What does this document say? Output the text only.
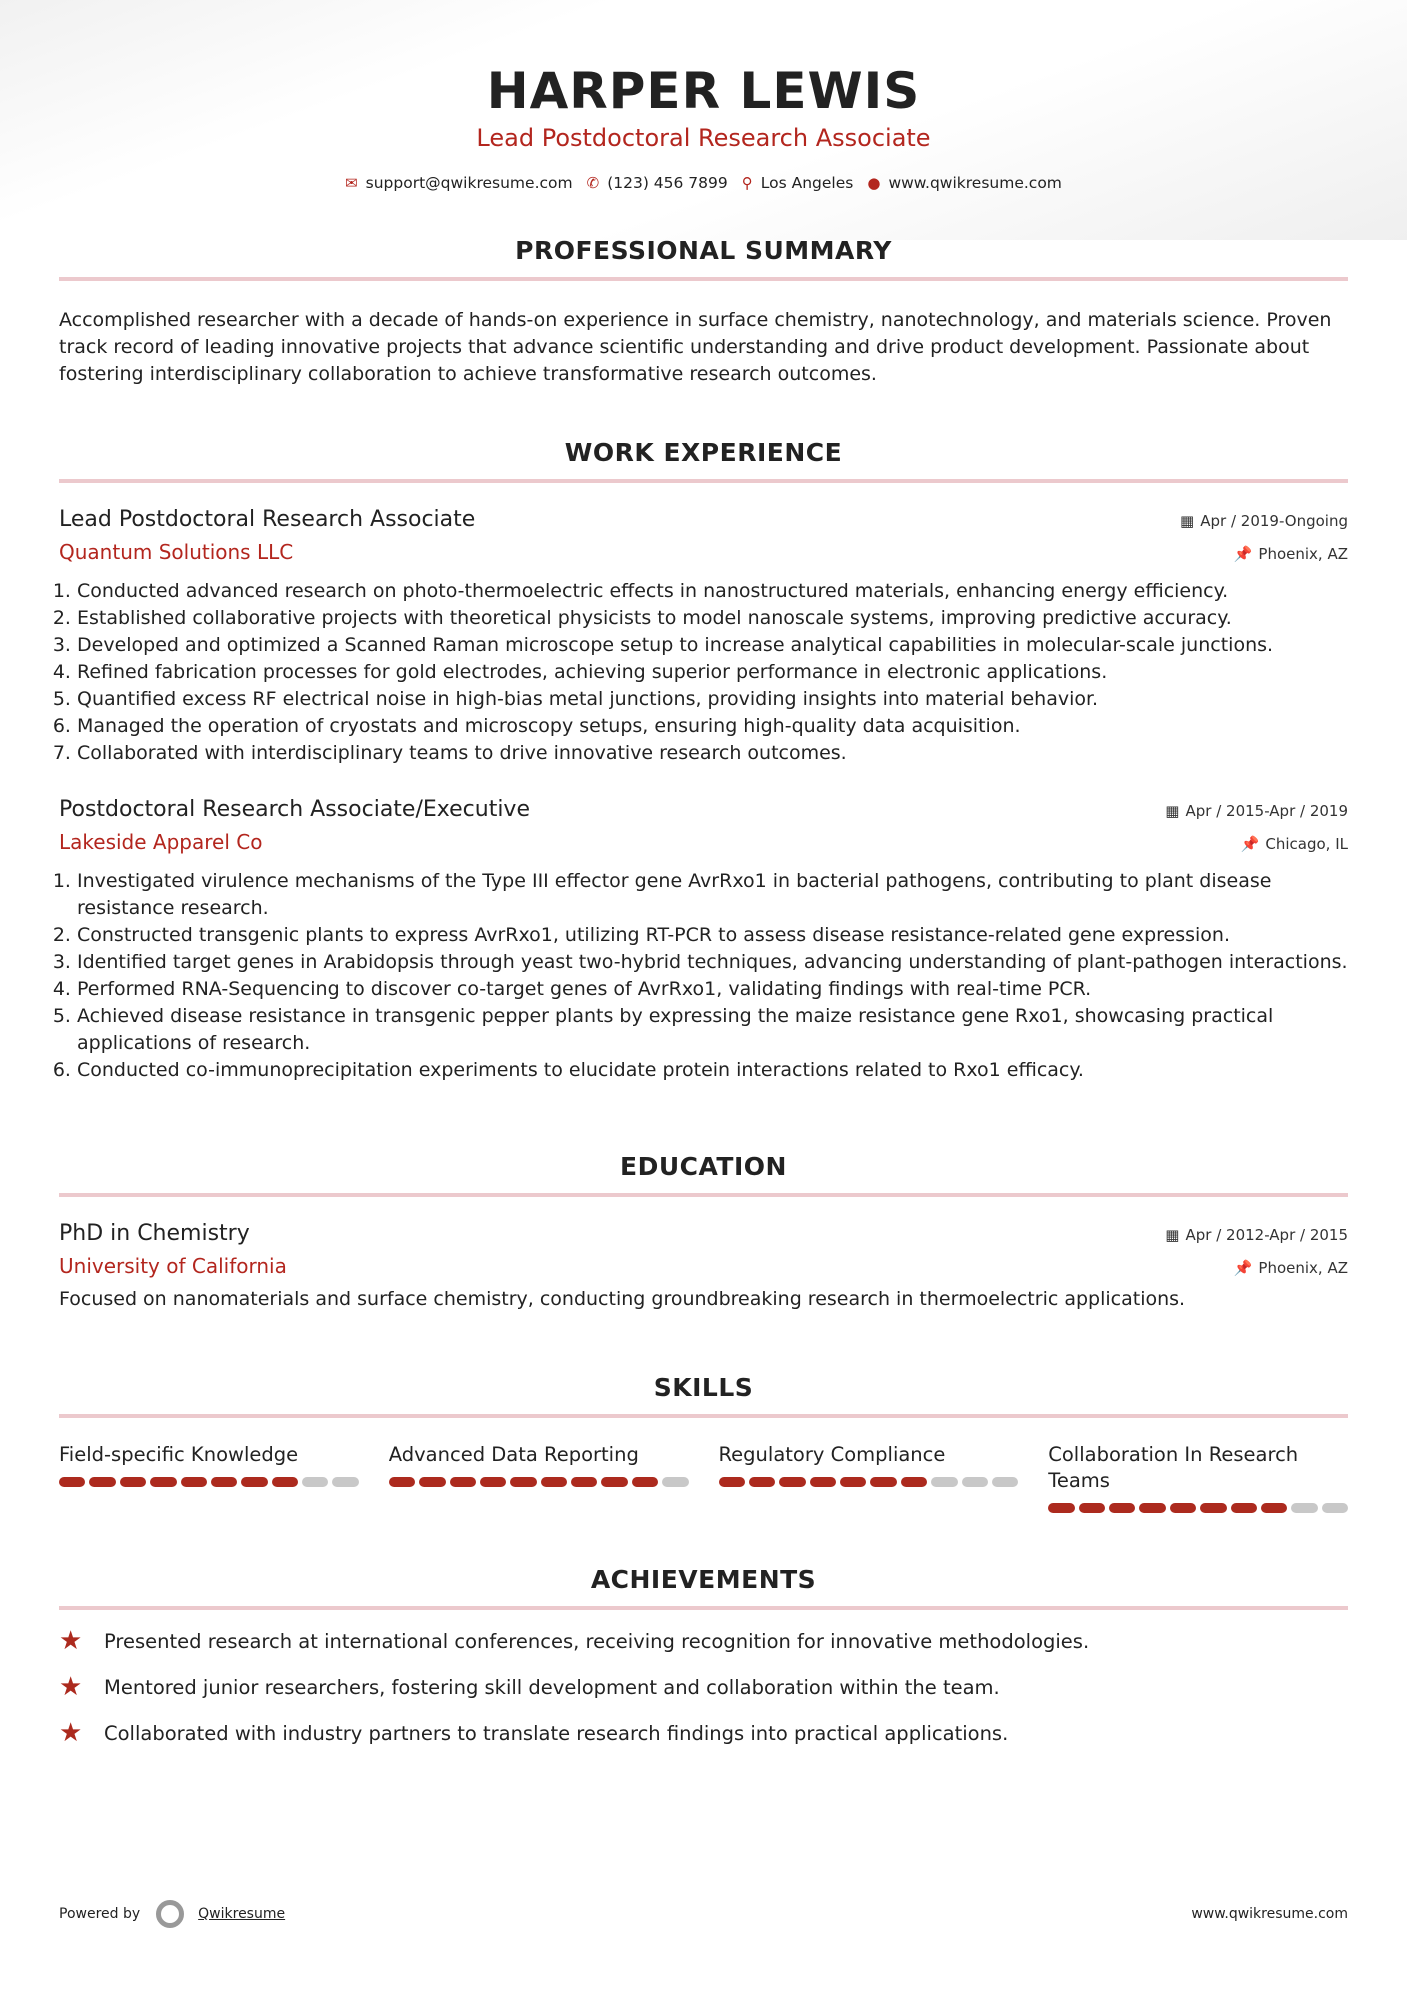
HARPER LEWIS
Lead Postdoctoral Research Associate
✉ support@qwikresume.com ✆ (123) 456 7899 ⚲ Los Angeles ● www.qwikresume.com
PROFESSIONAL SUMMARY

Accomplished researcher with a decade of hands-on experience in surface chemistry, nanotechnology, and materials science. Proven track record of leading innovative projects that advance scientific understanding and drive product development. Passionate about fostering interdisciplinary collaboration to achieve transformative research outcomes.

WORK EXPERIENCE
Lead Postdoctoral Research Associate	▦ Apr / 2019-Ongoing
Quantum Solutions LLC	📌 Phoenix, AZ
1. Conducted advanced research on photo-thermoelectric effects in nanostructured materials, enhancing energy efficiency.
2. Established collaborative projects with theoretical physicists to model nanoscale systems, improving predictive accuracy.
3. Developed and optimized a Scanned Raman microscope setup to increase analytical capabilities in molecular-scale junctions.
4. Refined fabrication processes for gold electrodes, achieving superior performance in electronic applications.
5. Quantified excess RF electrical noise in high-bias metal junctions, providing insights into material behavior.
6. Managed the operation of cryostats and microscopy setups, ensuring high-quality data acquisition.
7. Collaborated with interdisciplinary teams to drive innovative research outcomes.
Postdoctoral Research Associate/Executive	▦ Apr / 2015-Apr / 2019
Lakeside Apparel Co	📌 Chicago, IL
1. Investigated virulence mechanisms of the Type III effector gene AvrRxo1 in bacterial pathogens, contributing to plant disease resistance research.
2. Constructed transgenic plants to express AvrRxo1, utilizing RT-PCR to assess disease resistance-related gene expression.
3. Identified target genes in Arabidopsis through yeast two-hybrid techniques, advancing understanding of plant-pathogen interactions.
4. Performed RNA-Sequencing to discover co-target genes of AvrRxo1, validating findings with real-time PCR.
5. Achieved disease resistance in transgenic pepper plants by expressing the maize resistance gene Rxo1, showcasing practical applications of research.
6. Conducted co-immunoprecipitation experiments to elucidate protein interactions related to Rxo1 efficacy.
EDUCATION
PhD in Chemistry	▦ Apr / 2012-Apr / 2015
University of California	📌 Phoenix, AZ

Focused on nanomaterials and surface chemistry, conducting groundbreaking research in thermoelectric applications.

SKILLS
Field-specific Knowledge	Advanced Data Reporting	Regulatory Compliance	Collaboration In Research Teams
ACHIEVEMENTS
★	Presented research at international conferences, receiving recognition for innovative methodologies.
★	Mentored junior researchers, fostering skill development and collaboration within the team.
★	Collaborated with industry partners to translate research findings into practical applications.
Powered by	Qwikresume	www.qwikresume.com
